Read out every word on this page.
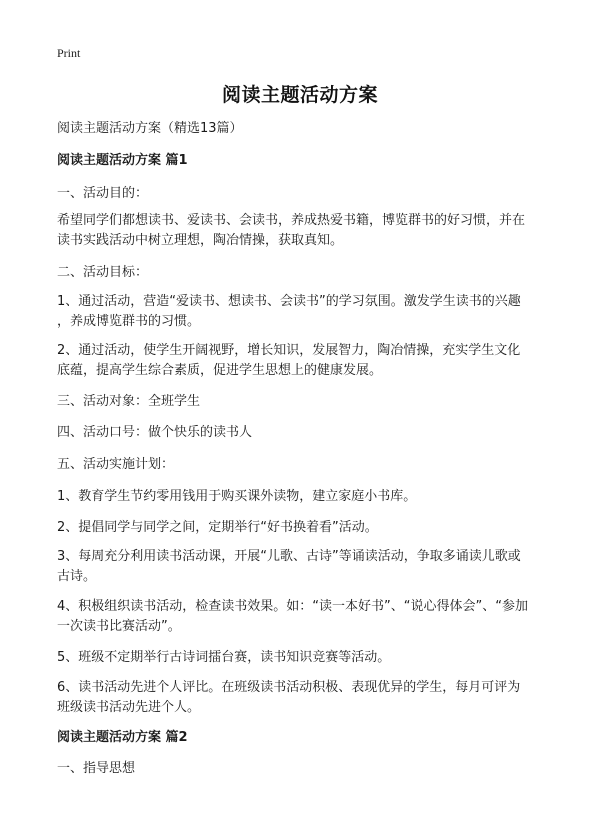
Print
阅读主题活动方案
阅读主题活动方案（精选13篇）
阅读主题活动方案 篇1
一、活动目的：
希望同学们都想读书、爱读书、会读书，养成热爱书籍，博览群书的好习惯，并在
读书实践活动中树立理想，陶冶情操，获取真知。
二、活动目标：
1、通过活动，营造“爱读书、想读书、会读书”的学习氛围。激发学生读书的兴趣
，养成博览群书的习惯。
2、通过活动，使学生开阔视野，增长知识，发展智力，陶冶情操，充实学生文化
底蕴，提高学生综合素质，促进学生思想上的健康发展。
三、活动对象：全班学生
四、活动口号：做个快乐的读书人
五、活动实施计划：
1、教育学生节约零用钱用于购买课外读物，建立家庭小书库。
2、提倡同学与同学之间，定期举行“好书换着看”活动。
3、每周充分利用读书活动课，开展“儿歌、古诗”等诵读活动，争取多诵读儿歌或
古诗。
4、积极组织读书活动，检查读书效果。如：“读一本好书”、“说心得体会”、“参加
一次读书比赛活动”。
5、班级不定期举行古诗词擂台赛，读书知识竞赛等活动。
6、读书活动先进个人评比。在班级读书活动积极、表现优异的学生，每月可评为
班级读书活动先进个人。
阅读主题活动方案 篇2
一、指导思想
